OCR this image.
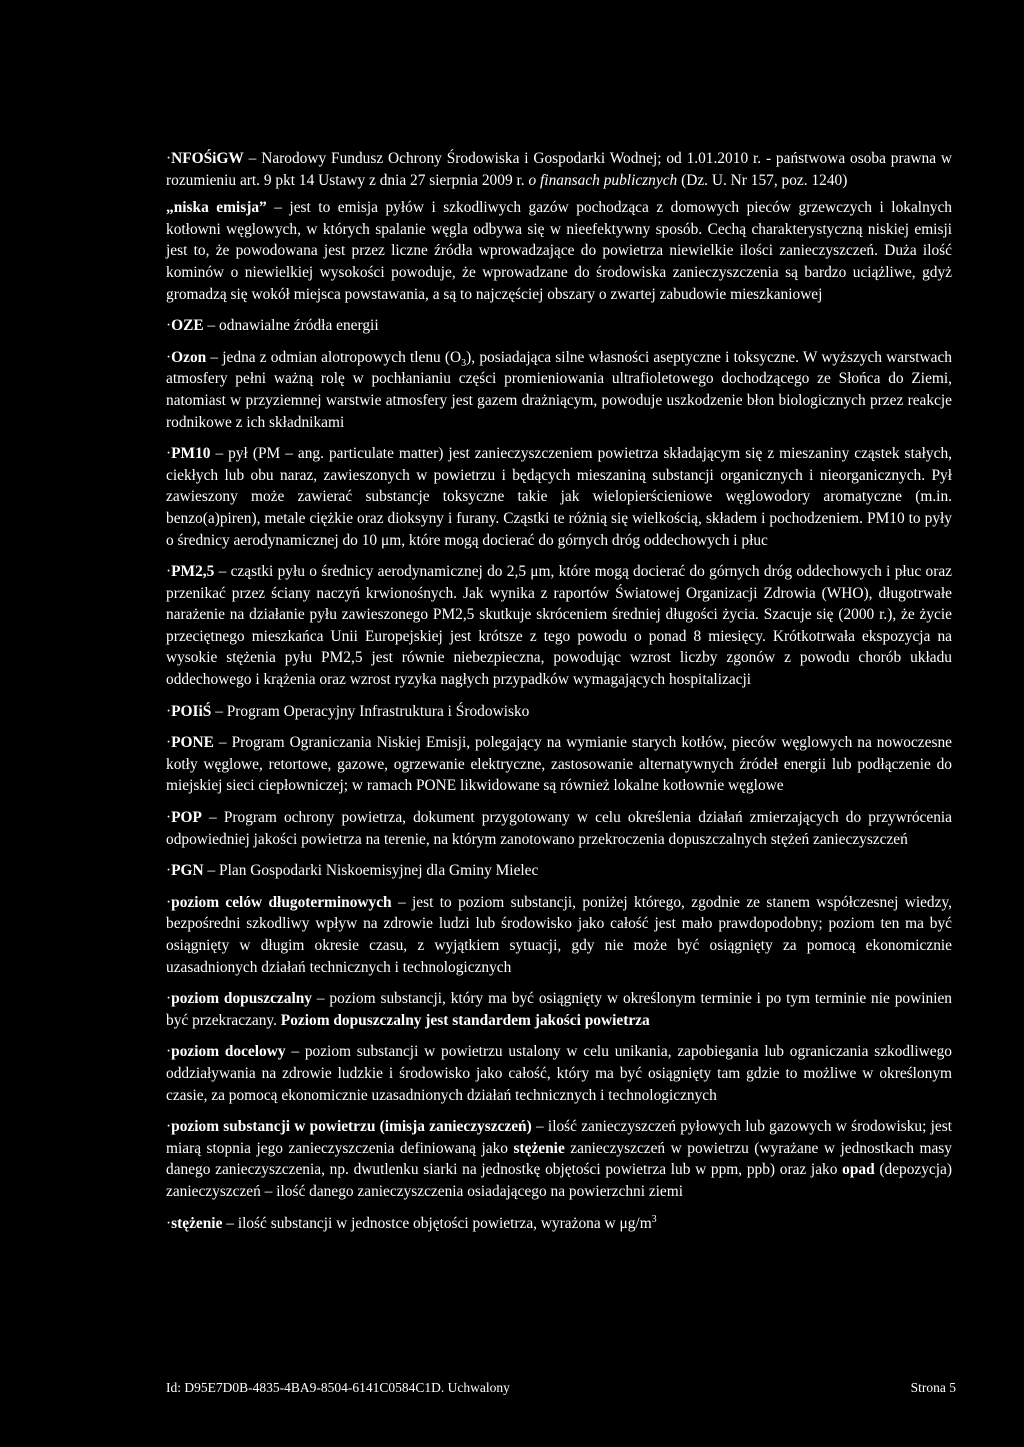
·NFOŚiGW – Narodowy Fundusz Ochrony Środowiska i Gospodarki Wodnej; od 1.01.2010 r. - państwowa osoba prawna w rozumieniu art. 9 pkt 14 Ustawy z dnia 27 sierpnia 2009 r. o finansach publicznych (Dz. U. Nr 157, poz. 1240)

„niska emisja” – jest to emisja pyłów i szkodliwych gazów pochodząca z domowych pieców grzewczych i lokalnych kotłowni węglowych, w których spalanie węgla odbywa się w nieefektywny sposób. Cechą charakterystyczną niskiej emisji jest to, że powodowana jest przez liczne źródła wprowadzające do powietrza niewielkie ilości zanieczyszczeń. Duża ilość kominów o niewielkiej wysokości powoduje, że wprowadzane do środowiska zanieczyszczenia są bardzo uciążliwe, gdyż gromadzą się wokół miejsca powstawania, a są to najczęściej obszary o zwartej zabudowie mieszkaniowej

·OZE – odnawialne źródła energii

·Ozon – jedna z odmian alotropowych tlenu $(O_3)$, posiadająca silne własności aseptyczne i toksyczne. W wyższych warstwach atmosfery pełni ważną rolę w pochłanianiu części promieniowania ultrafioletowego dochodzącego ze Słońca do Ziemi, natomiast w przyziemnej warstwie atmosfery jest gazem drażniącym, powoduje uszkodzenie błon biologicznych przez reakcje rodnikowe z ich składnikami

·PM10 – pył (PM – ang. particulate matter) jest zanieczyszczeniem powietrza składającym się z mieszaniny cząstek stałych, ciekłych lub obu naraz, zawieszonych w powietrzu i będących mieszaniną substancji organicznych i nieorganicznych. Pył zawieszony może zawierać substancje toksyczne takie jak wielopierścieniowe węglowodory aromatyczne (m.in. benzo(a)piren), metale ciężkie oraz dioksyny i furany. Cząstki te różnią się wielkością, składem i pochodzeniem. PM10 to pyły o średnicy aerodynamicznej do 10 μm, które mogą docierać do górnych dróg oddechowych i płuc

·PM2,5 – cząstki pyłu o średnicy aerodynamicznej do 2,5 μm, które mogą docierać do górnych dróg oddechowych i płuc oraz przenikać przez ściany naczyń krwionośnych. Jak wynika z raportów Światowej Organizacji Zdrowia (WHO), długotrwałe narażenie na działanie pyłu zawieszonego PM2,5 skutkuje skróceniem średniej długości życia. Szacuje się (2000 r.), że życie przeciętnego mieszkańca Unii Europejskiej jest krótsze z tego powodu o ponad 8 miesięcy. Krótkotrwała ekspozycja na wysokie stężenia pyłu PM2,5 jest równie niebezpieczna, powodując wzrost liczby zgonów z powodu chorób układu oddechowego i krążenia oraz wzrost ryzyka nagłych przypadków wymagających hospitalizacji

·POIiŚ – Program Operacyjny Infrastruktura i Środowisko

·PONE – Program Ograniczania Niskiej Emisji, polegający na wymianie starych kotłów, pieców węglowych na nowoczesne kotły węglowe, retortowe, gazowe, ogrzewanie elektryczne, zastosowanie alternatywnych źródeł energii lub podłączenie do miejskiej sieci ciepłowniczej; w ramach PONE likwidowane są również lokalne kotłownie węglowe

·POP – Program ochrony powietrza, dokument przygotowany w celu określenia działań zmierzających do przywrócenia odpowiedniej jakości powietrza na terenie, na którym zanotowano przekroczenia dopuszczalnych stężeń zanieczyszczeń

·PGN – Plan Gospodarki Niskoemisyjnej dla Gminy Mielec

·poziom celów długoterminowych – jest to poziom substancji, poniżej którego, zgodnie ze stanem współczesnej wiedzy, bezpośredni szkodliwy wpływ na zdrowie ludzi lub środowisko jako całość jest mało prawdopodobny; poziom ten ma być osiągnięty w długim okresie czasu, z wyjątkiem sytuacji, gdy nie może być osiągnięty za pomocą ekonomicznie uzasadnionych działań technicznych i technologicznych

·poziom dopuszczalny – poziom substancji, który ma być osiągnięty w określonym terminie i po tym terminie nie powinien być przekraczany. Poziom dopuszczalny jest standardem jakości powietrza

·poziom docelowy – poziom substancji w powietrzu ustalony w celu unikania, zapobiegania lub ograniczania szkodliwego oddziaływania na zdrowie ludzkie i środowisko jako całość, który ma być osiągnięty tam gdzie to możliwe w określonym czasie, za pomocą ekonomicznie uzasadnionych działań technicznych i technologicznych

·poziom substancji w powietrzu (imisja zanieczyszczeń) – ilość zanieczyszczeń pyłowych lub gazowych w środowisku; jest miarą stopnia jego zanieczyszczenia definiowaną jako stężenie zanieczyszczeń w powietrzu (wyrażane w jednostkach masy danego zanieczyszczenia, np. dwutlenku siarki na jednostkę objętości powietrza lub w ppm, ppb) oraz jako opad (depozycja) zanieczyszczeń – ilość danego zanieczyszczenia osiadającego na powierzchni ziemi

·stężenie – ilość substancji w jednostce objętości powietrza, wyrażona w $\mu g/m^3$

Id: D95E7D0B-4835-4BA9-8504-6141C0584C1D. Uchwalony	Strona 5
